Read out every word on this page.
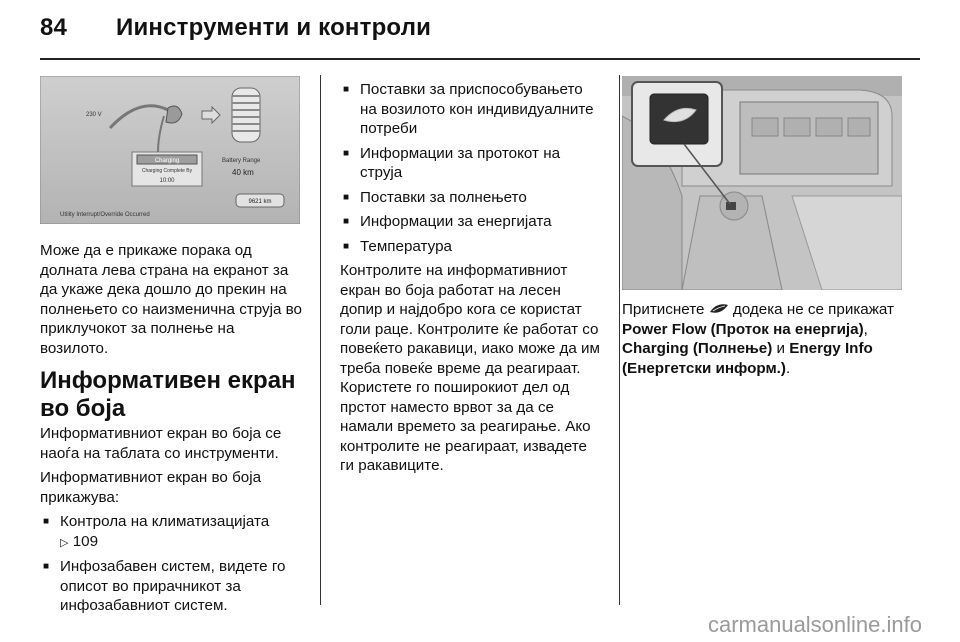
84 Иинструменти и контроли
230 V
Charging
Charging Complete By
10:00
Battery Range
40 km
9621 km
Utility Interrupt/Override Occurred

Може да е прикаже порака од долната лева страна на екранот за да укаже дека дошло до прекин на полнењето со наизменична струја во приклучокот за полнење на возилото.

Информативен екран во боја

Информативниот екран во боја се наоѓа на таблата со инструменти.

Информативниот екран во боја прикажува:

■ Контрола на климатизацијата
▷ 109
■ Инфозабавен систем, видете го описот во прирачникот за инфозабавниот систем.
■ Поставки за приспособувањето на возилото кон индивидуалните потреби
■ Информации за протокот на струја
■ Поставки за полнењето
■ Информации за енергијата
■ Температура

Контролите на информативниот екран во боја работат на лесен допир и најдобро кога се користат голи раце. Контролите ќе работат со повеќето ракавици, иако може да им треба повеќе време да реагираат. Користете го поширокиот дел од прстот наместо врвот за да се намали времето за реагирање. Ако контролите не реагираат, извадете ги ракавиците.

Притиснете додека не се прикажат Power Flow (Проток на енергија), Charging (Полнење) и Energy Info (Енергетски информ.).

carmanualsonline.info
